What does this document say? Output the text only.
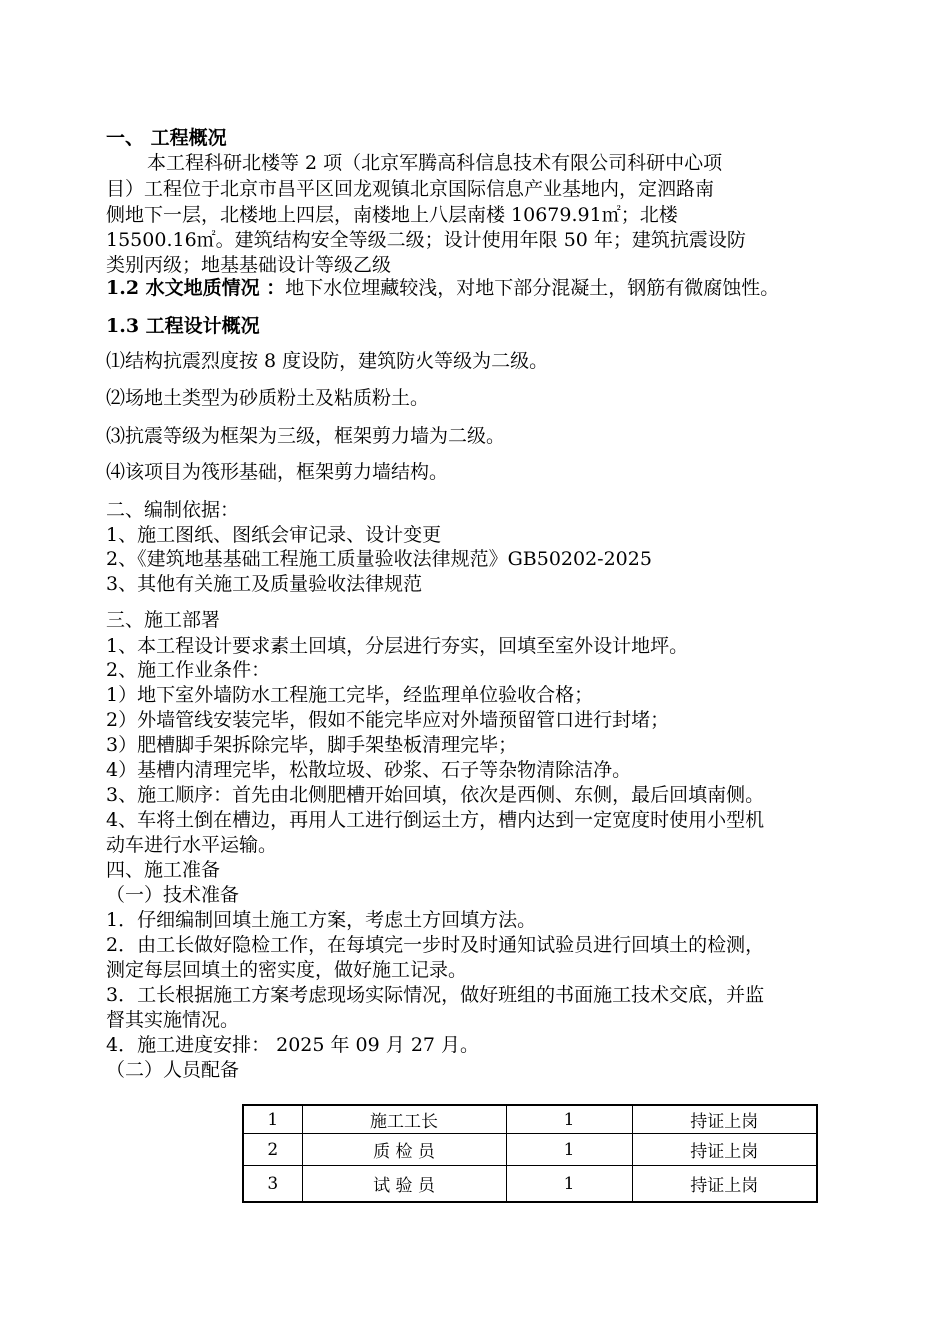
一、 工程概况
本工程科研北楼等 2 项（北京军腾高科信息技术有限公司科研中心项
目）工程位于北京市昌平区回龙观镇北京国际信息产业基地内，定泗路南
侧地下一层，北楼地上四层，南楼地上八层南楼 10679.91㎡；北楼
15500.16㎡。建筑结构安全等级二级；设计使用年限 50 年；建筑抗震设防
类别丙级；地基基础设计等级乙级
1.2 水文地质情况 ：地下水位埋藏较浅，对地下部分混凝土，钢筋有微腐蚀性。
1.3 工程设计概况
⑴结构抗震烈度按 8 度设防，建筑防火等级为二级。
⑵场地土类型为砂质粉土及粘质粉土。
⑶抗震等级为框架为三级，框架剪力墙为二级。
⑷该项目为筏形基础，框架剪力墙结构。
二、编制依据：
1、施工图纸、图纸会审记录、设计变更
2、《建筑地基基础工程施工质量验收法律规范》GB50202-2025
3、其他有关施工及质量验收法律规范
三、施工部署
1、本工程设计要求素土回填，分层进行夯实，回填至室外设计地坪。
2、施工作业条件：
1）地下室外墙防水工程施工完毕，经监理单位验收合格；
2）外墙管线安装完毕，假如不能完毕应对外墙预留管口进行封堵；
3）肥槽脚手架拆除完毕，脚手架垫板清理完毕；
4）基槽内清理完毕，松散垃圾、砂浆、石子等杂物清除洁净。
3、施工顺序：首先由北侧肥槽开始回填，依次是西侧、东侧，最后回填南侧。
4、车将土倒在槽边，再用人工进行倒运土方，槽内达到一定宽度时使用小型机
动车进行水平运输。
四、施工准备
（一）技术准备
1．仔细编制回填土施工方案，考虑土方回填方法。
2．由工长做好隐检工作，在每填完一步时及时通知试验员进行回填土的检测，
测定每层回填土的密实度，做好施工记录。
3．工长根据施工方案考虑现场实际情况，做好班组的书面施工技术交底，并监
督其实施情况。
4．施工进度安排： 2025 年 09 月 27 月。
（二）人员配备
1	施工工长	1	持证上岗
2	质 检 员	1	持证上岗
3	试 验 员	1	持证上岗
